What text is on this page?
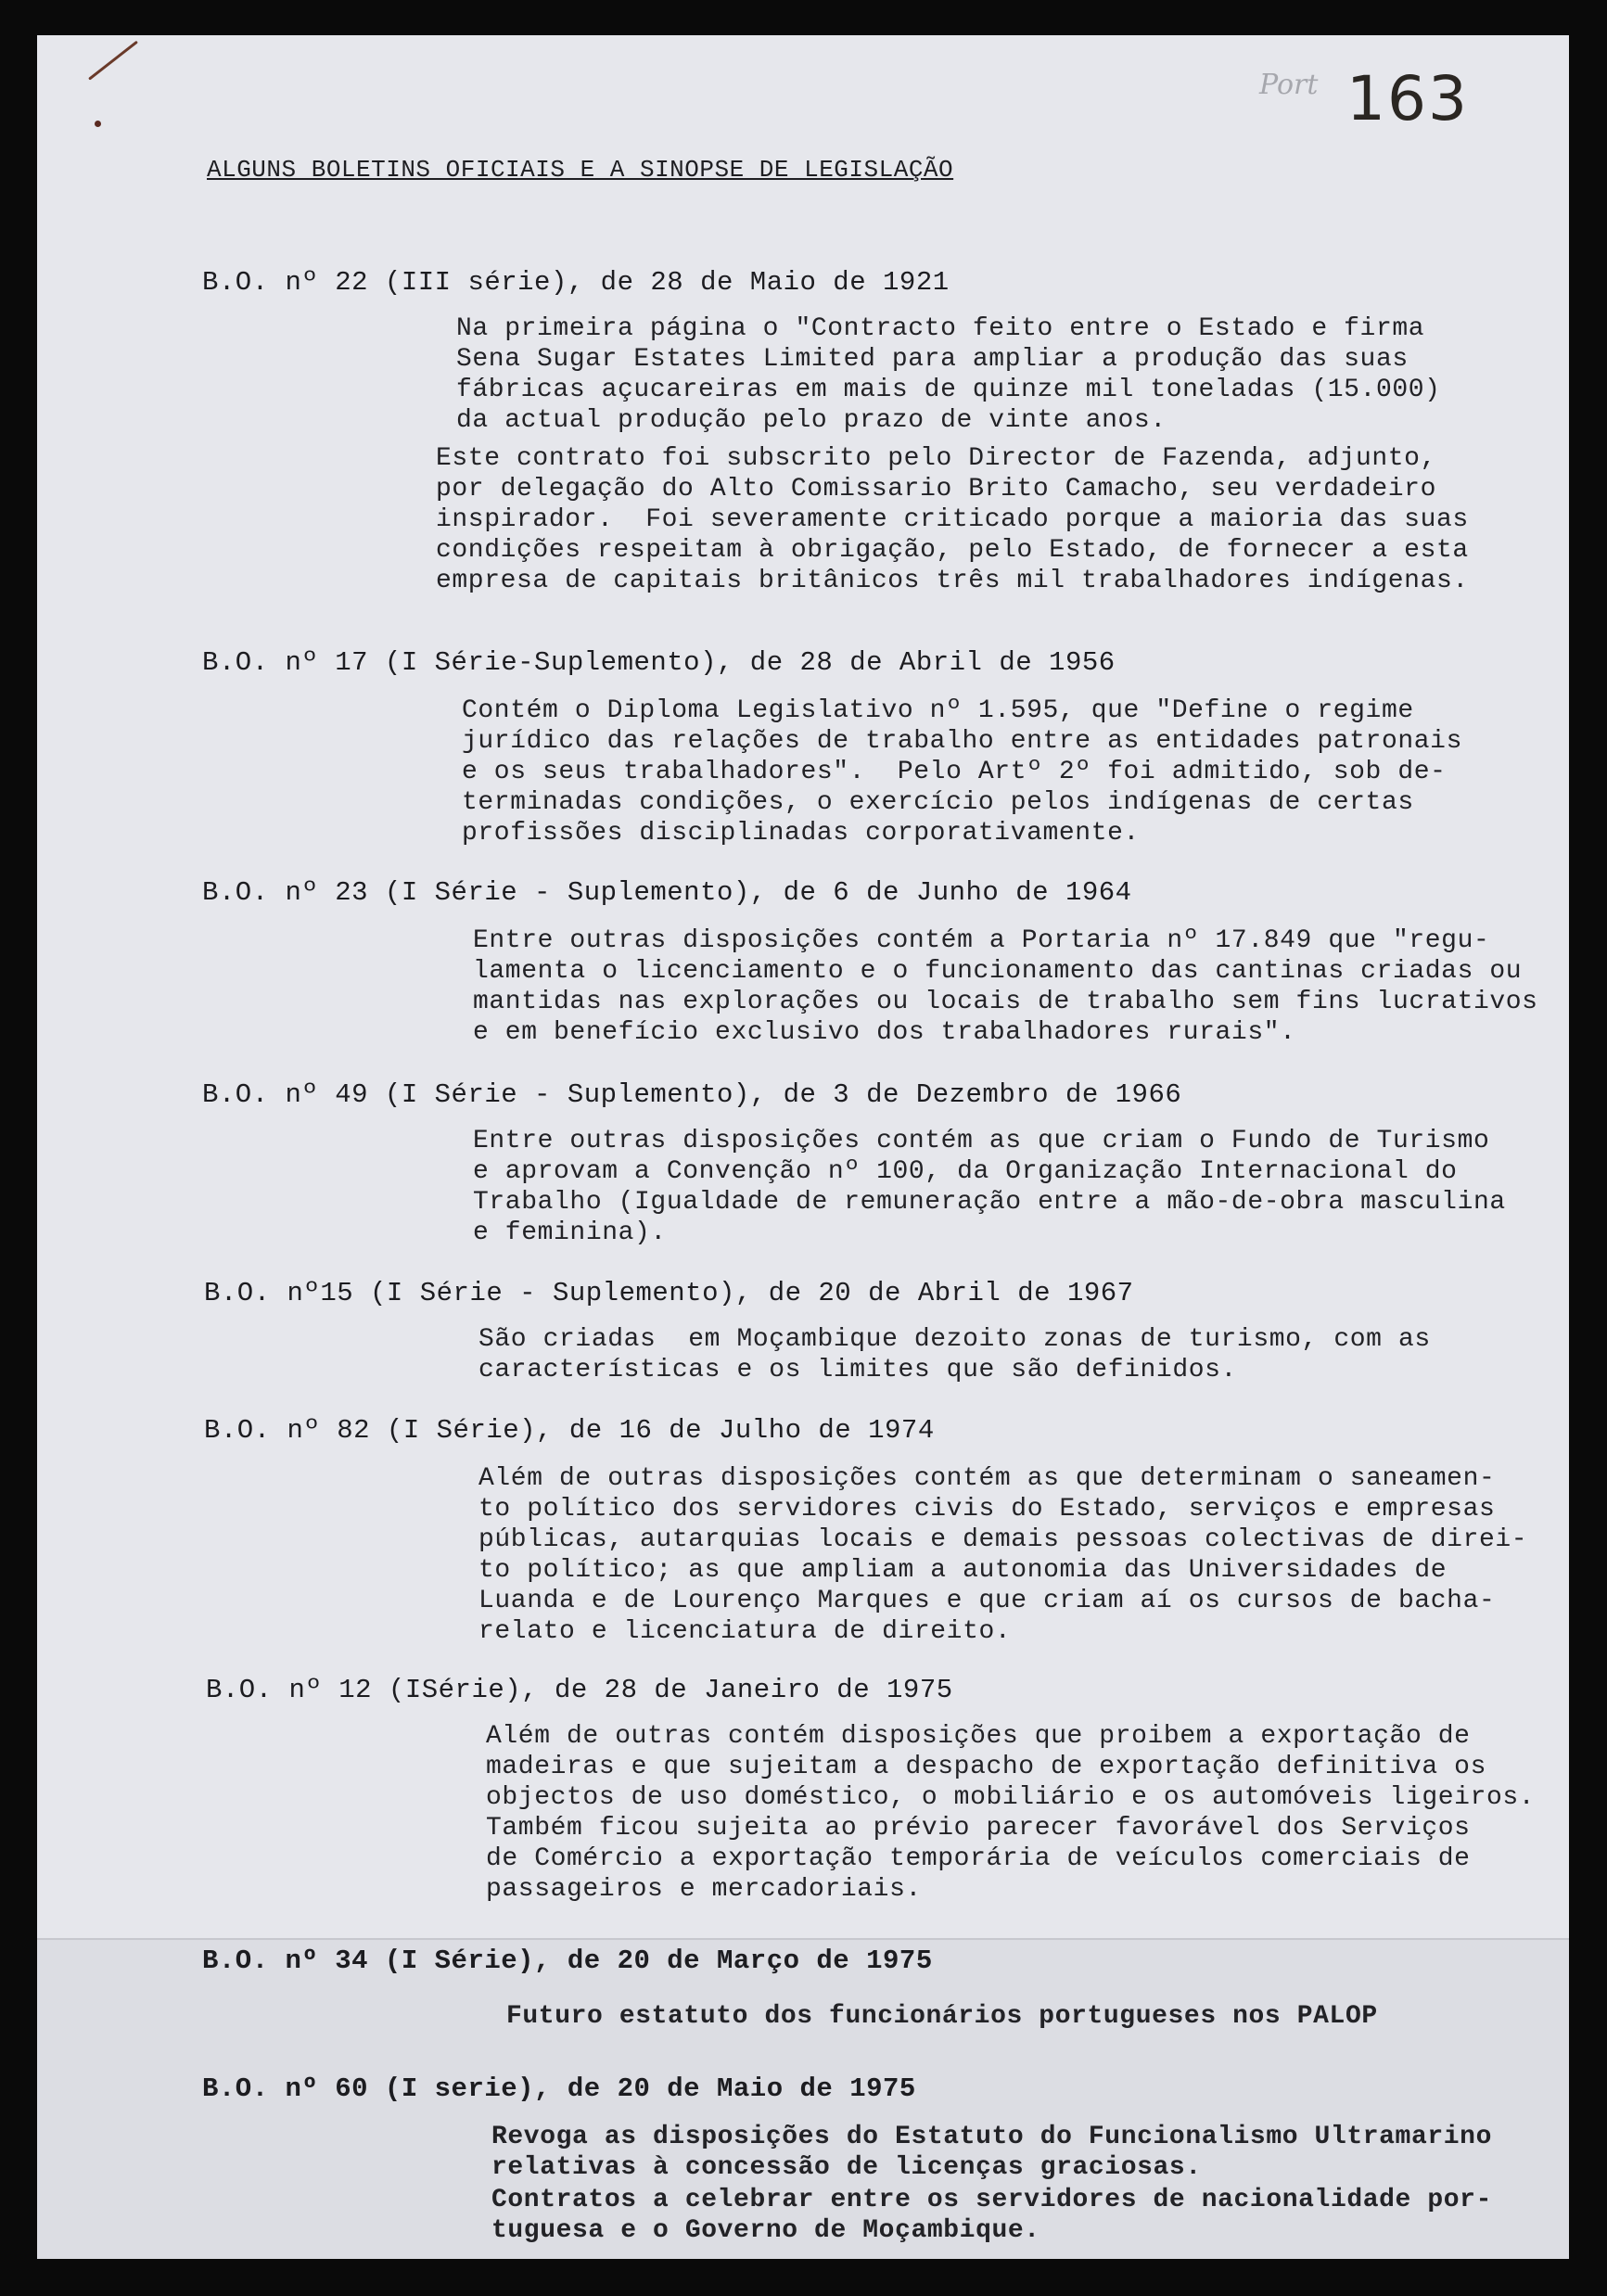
Port 163
ALGUNS BOLETINS OFICIAIS E A SINOPSE DE LEGISLAÇÃO
B.O. nº 22 (III série), de 28 de Maio de 1921
Na primeira página o "Contracto feito entre o Estado e firma
Sena Sugar Estates Limited para ampliar a produção das suas
fábricas açucareiras em mais de quinze mil toneladas (15.000)
da actual produção pelo prazo de vinte anos.
Este contrato foi subscrito pelo Director de Fazenda, adjunto,
por delegação do Alto Comissario Brito Camacho, seu verdadeiro
inspirador.  Foi severamente criticado porque a maioria das suas
condições respeitam à obrigação, pelo Estado, de fornecer a esta
empresa de capitais britânicos três mil trabalhadores indígenas.
B.O. nº 17 (I Série-Suplemento), de 28 de Abril de 1956
Contém o Diploma Legislativo nº 1.595, que "Define o regime
jurídico das relações de trabalho entre as entidades patronais
e os seus trabalhadores".  Pelo Artº 2º foi admitido, sob de-
terminadas condições, o exercício pelos indígenas de certas
profissões disciplinadas corporativamente.
B.O. nº 23 (I Série - Suplemento), de 6 de Junho de 1964
Entre outras disposições contém a Portaria nº 17.849 que "regu-
lamenta o licenciamento e o funcionamento das cantinas criadas ou
mantidas nas explorações ou locais de trabalho sem fins lucrativos
e em benefício exclusivo dos trabalhadores rurais".
B.O. nº 49 (I Série - Suplemento), de 3 de Dezembro de 1966
Entre outras disposições contém as que criam o Fundo de Turismo
e aprovam a Convenção nº 100, da Organização Internacional do
Trabalho (Igualdade de remuneração entre a mão-de-obra masculina
e feminina).
B.O. nº15 (I Série - Suplemento), de 20 de Abril de 1967
São criadas  em Moçambique dezoito zonas de turismo, com as
características e os limites que são definidos.
B.O. nº 82 (I Série), de 16 de Julho de 1974
Além de outras disposições contém as que determinam o saneamen-
to político dos servidores civis do Estado, serviços e empresas
públicas, autarquias locais e demais pessoas colectivas de direi-
to político; as que ampliam a autonomia das Universidades de
Luanda e de Lourenço Marques e que criam aí os cursos de bacha-
relato e licenciatura de direito.
B.O. nº 12 (ISérie), de 28 de Janeiro de 1975
Além de outras contém disposições que proibem a exportação de
madeiras e que sujeitam a despacho de exportação definitiva os
objectos de uso doméstico, o mobiliário e os automóveis ligeiros.
Também ficou sujeita ao prévio parecer favorável dos Serviços
de Comércio a exportação temporária de veículos comerciais de
passageiros e mercadoriais.
B.O. nº 34 (I Série), de 20 de Março de 1975
Futuro estatuto dos funcionários portugueses nos PALOP
B.O. nº 60 (I serie), de 20 de Maio de 1975
Revoga as disposições do Estatuto do Funcionalismo Ultramarino
relativas à concessão de licenças graciosas.
Contratos a celebrar entre os servidores de nacionalidade por-
tuguesa e o Governo de Moçambique.
